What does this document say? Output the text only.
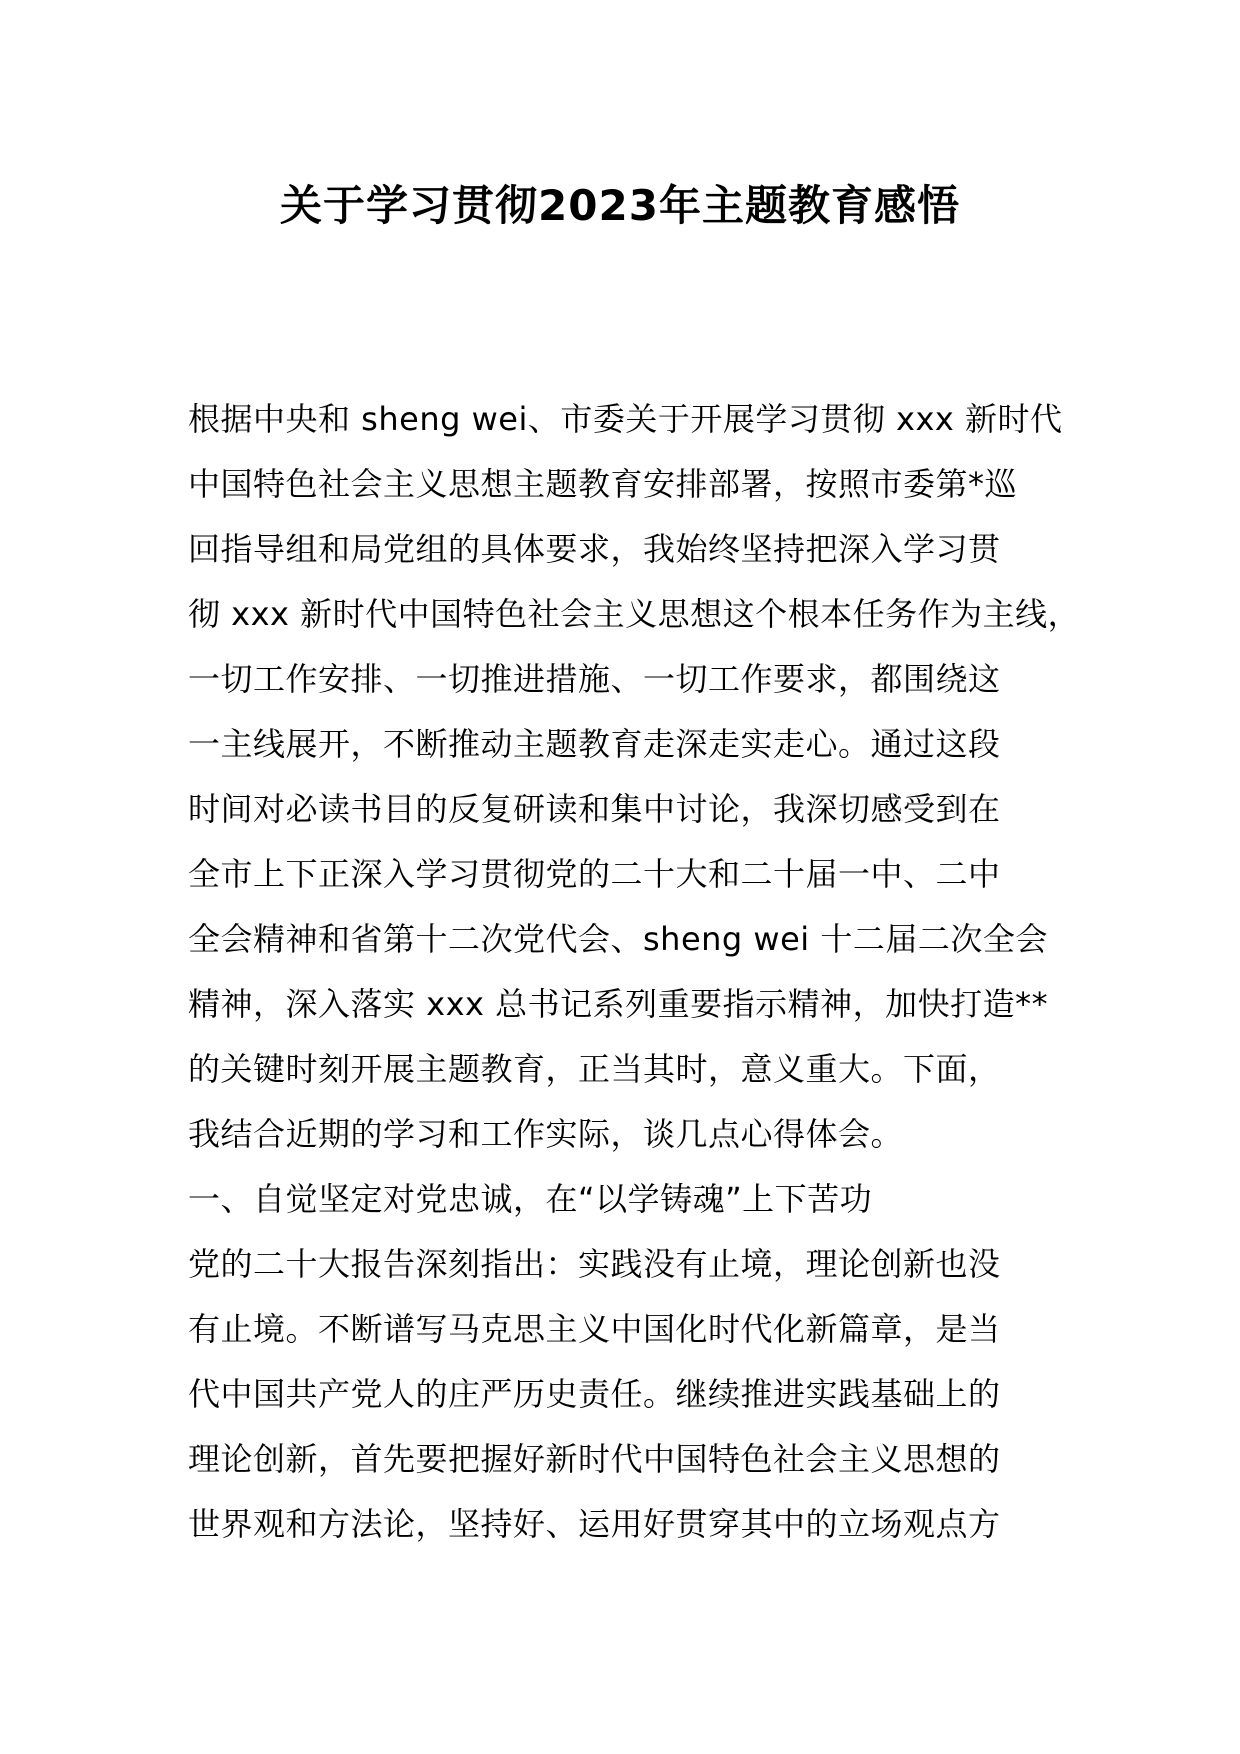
关于学习贯彻2023年主题教育感悟
根据中央和 sheng wei、市委关于开展学习贯彻 xxx 新时代
中国特色社会主义思想主题教育安排部署，按照市委第*巡
回指导组和局党组的具体要求，我始终坚持把深入学习贯
彻 xxx 新时代中国特色社会主义思想这个根本任务作为主线，
一切工作安排、一切推进措施、一切工作要求，都围绕这
一主线展开，不断推动主题教育走深走实走心。通过这段
时间对必读书目的反复研读和集中讨论，我深切感受到在
全市上下正深入学习贯彻党的二十大和二十届一中、二中
全会精神和省第十二次党代会、sheng wei 十二届二次全会
精神，深入落实 xxx 总书记系列重要指示精神，加快打造**
的关键时刻开展主题教育，正当其时，意义重大。下面，
我结合近期的学习和工作实际，谈几点心得体会。
一、自觉坚定对党忠诚，在“以学铸魂”上下苦功
党的二十大报告深刻指出：实践没有止境，理论创新也没
有止境。不断谱写马克思主义中国化时代化新篇章，是当
代中国共产党人的庄严历史责任。继续推进实践基础上的
理论创新，首先要把握好新时代中国特色社会主义思想的
世界观和方法论，坚持好、运用好贯穿其中的立场观点方
